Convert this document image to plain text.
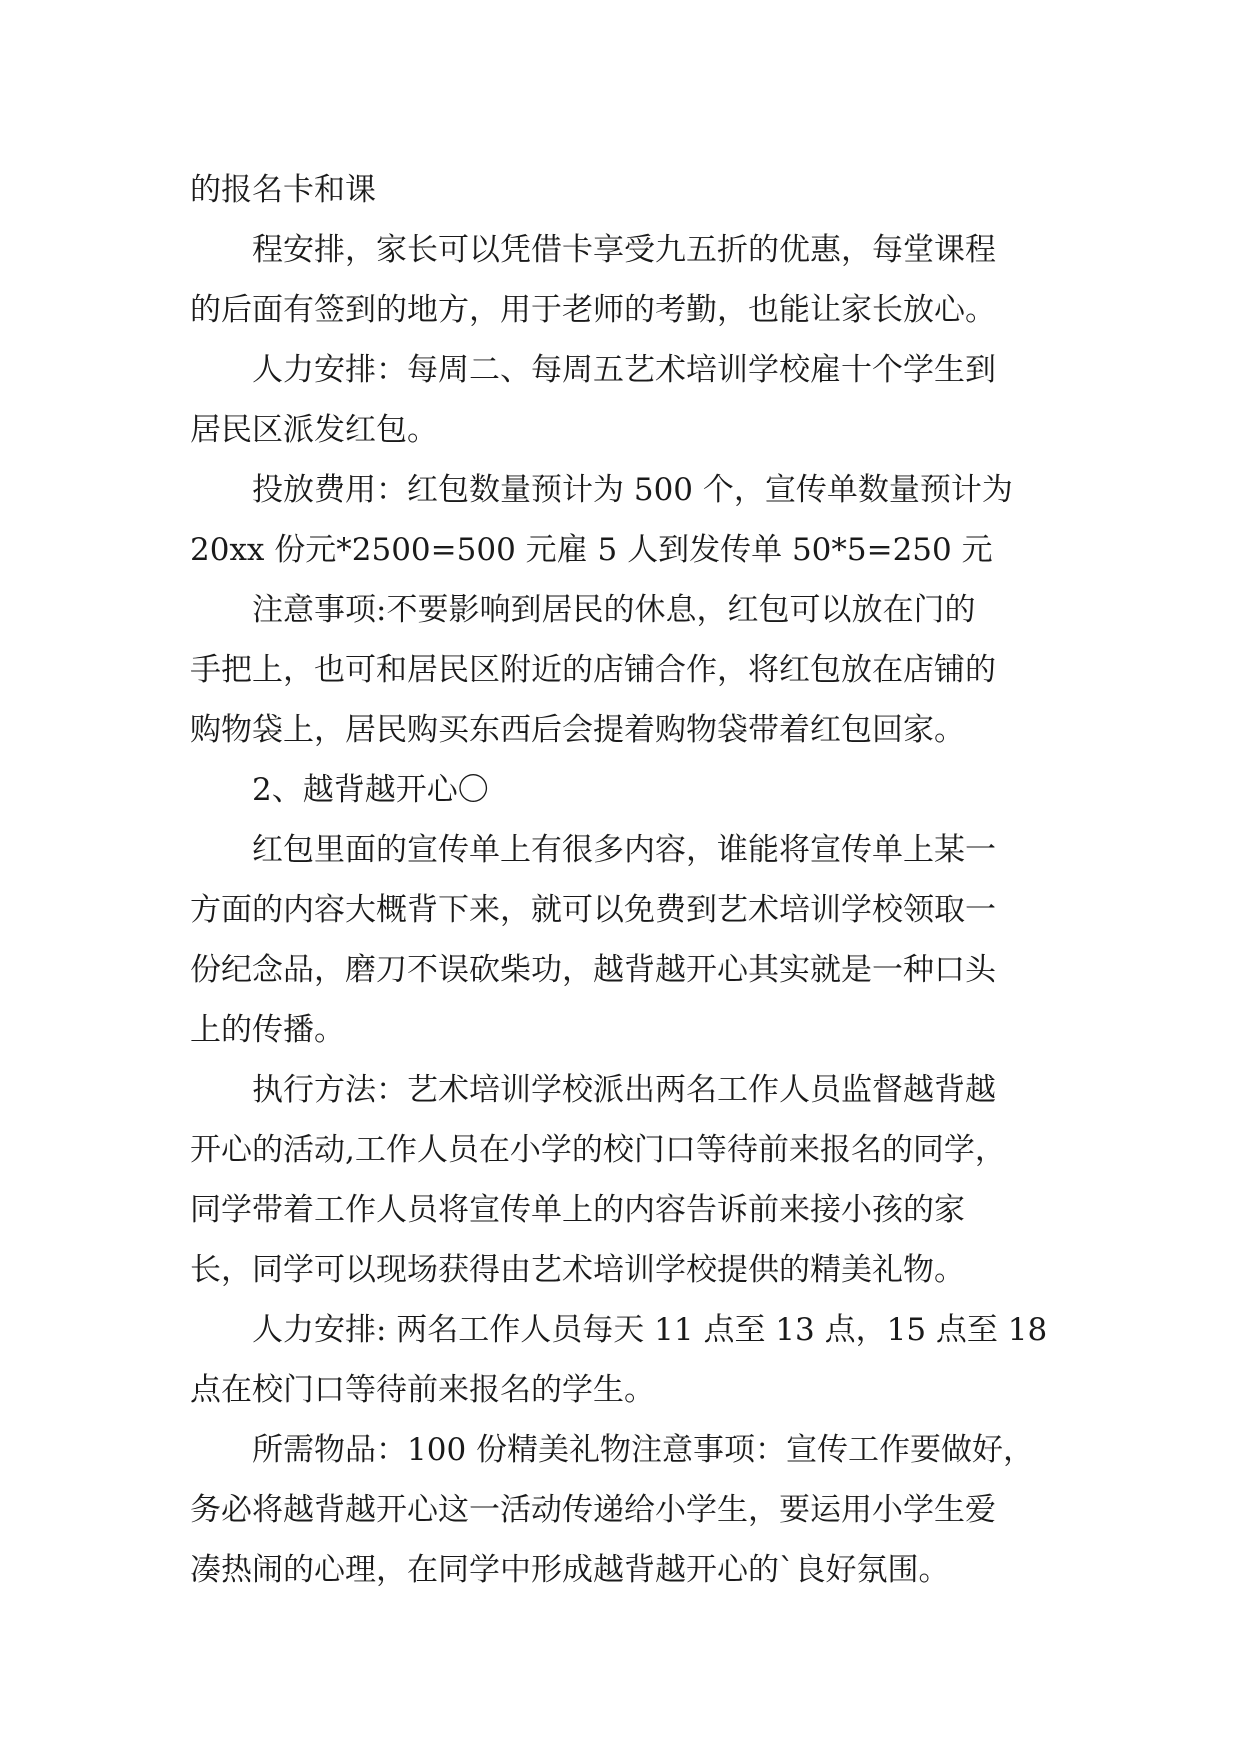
的报名卡和课
程安排，家长可以凭借卡享受九五折的优惠，每堂课程
的后面有签到的地方，用于老师的考勤，也能让家长放心。
人力安排：每周二、每周五艺术培训学校雇十个学生到
居民区派发红包。
投放费用：红包数量预计为 500 个，宣传单数量预计为
20xx 份元*2500=500 元雇 5 人到发传单 50*5=250 元
注意事项:不要影响到居民的休息，红包可以放在门的
手把上，也可和居民区附近的店铺合作，将红包放在店铺的
购物袋上，居民购买东西后会提着购物袋带着红包回家。
2、越背越开心〇
红包里面的宣传单上有很多内容，谁能将宣传单上某一
方面的内容大概背下来，就可以免费到艺术培训学校领取一
份纪念品，磨刀不误砍柴功，越背越开心其实就是一种口头
上的传播。
执行方法：艺术培训学校派出两名工作人员监督越背越
开心的活动,工作人员在小学的校门口等待前来报名的同学，
同学带着工作人员将宣传单上的内容告诉前来接小孩的家
长，同学可以现场获得由艺术培训学校提供的精美礼物。
人力安排: 两名工作人员每天 11 点至 13 点，15 点至 18
点在校门口等待前来报名的学生。
所需物品：100 份精美礼物注意事项：宣传工作要做好，
务必将越背越开心这一活动传递给小学生，要运用小学生爱
凑热闹的心理，在同学中形成越背越开心的`良好氛围。
